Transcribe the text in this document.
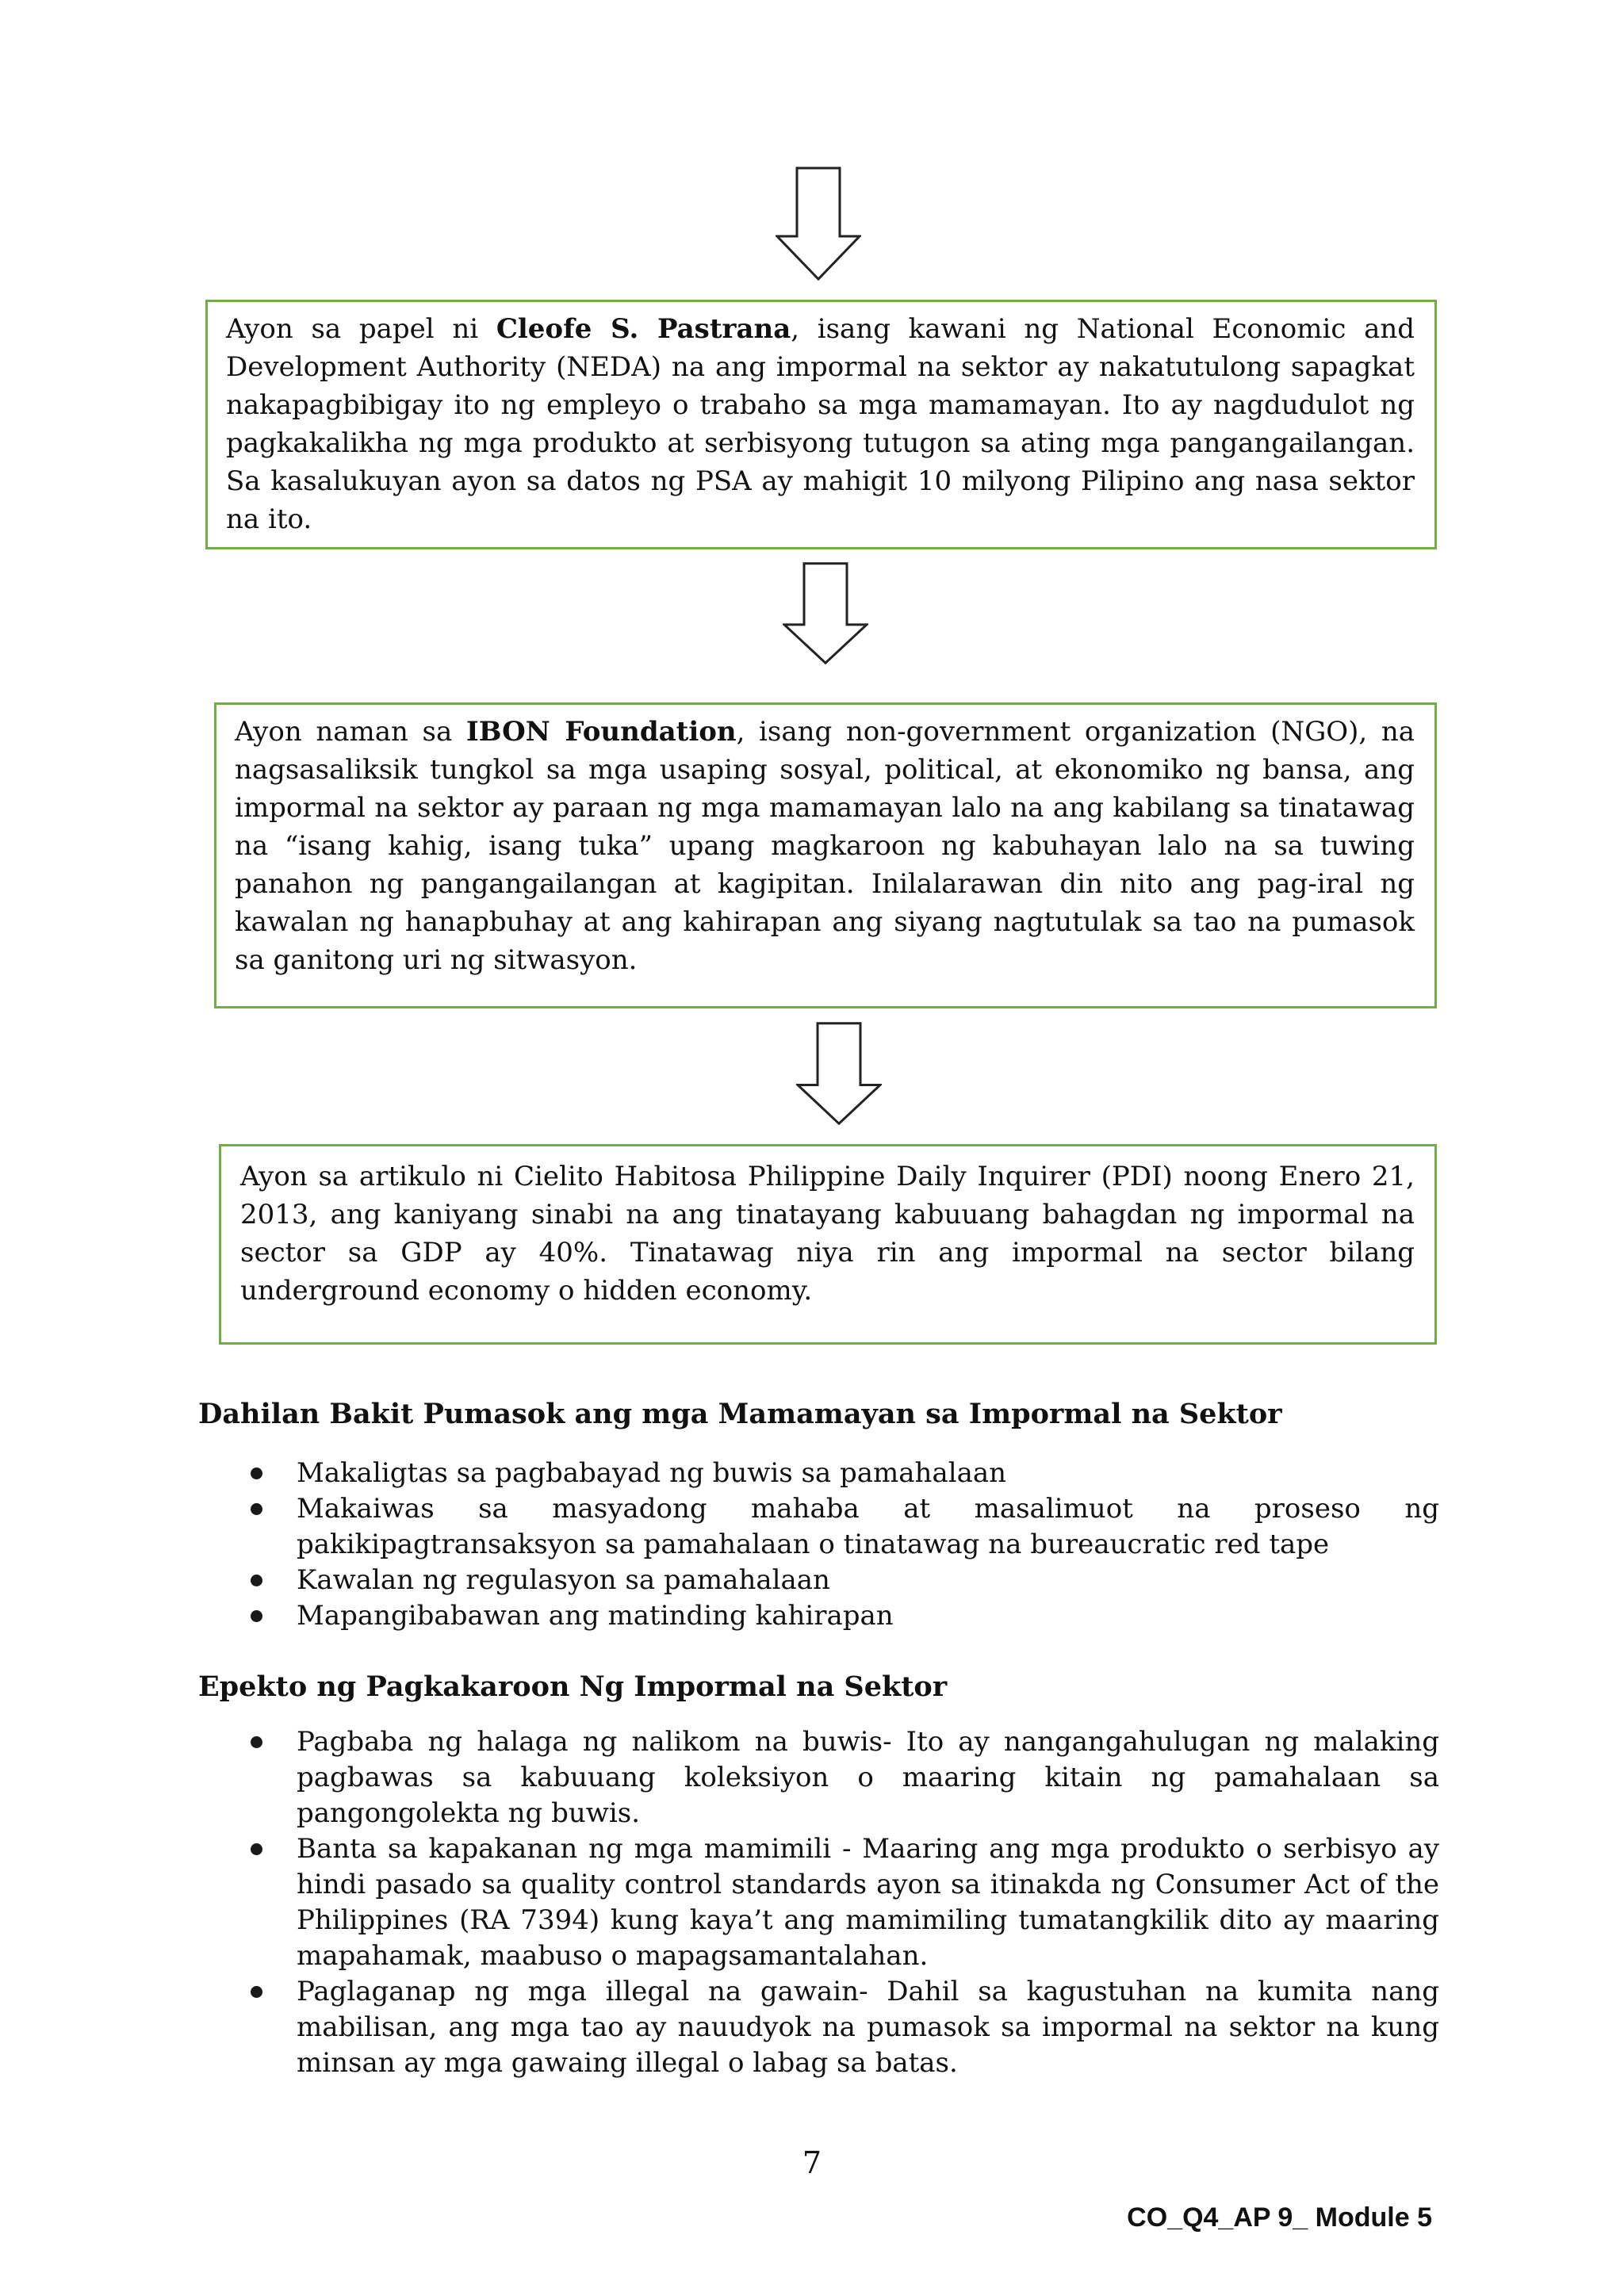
Ayon sa papel ni Cleofe S. Pastrana, isang kawani ng National Economic and Development Authority (NEDA) na ang impormal na sektor ay nakatutulong sapagkat nakapagbibigay ito ng empleyo o trabaho sa mga mamamayan. Ito ay nagdudulot ng pagkakalikha ng mga produkto at serbisyong tutugon sa ating mga pangangailangan. Sa kasalukuyan ayon sa datos ng PSA ay mahigit 10 milyong Pilipino ang nasa sektor na ito.

Ayon naman sa IBON Foundation, isang non-government organization (NGO), na nagsasaliksik tungkol sa mga usaping sosyal, political, at ekonomiko ng bansa, ang impormal na sektor ay paraan ng mga mamamayan lalo na ang kabilang sa tinatawag na “isang kahig, isang tuka” upang magkaroon ng kabuhayan lalo na sa tuwing panahon ng pangangailangan at kagipitan. Inilalarawan din nito ang pag-iral ng kawalan ng hanapbuhay at ang kahirapan ang siyang nagtutulak sa tao na pumasok sa ganitong uri ng sitwasyon.

Ayon sa artikulo ni Cielito Habitosa Philippine Daily Inquirer (PDI) noong Enero 21, 2013, ang kaniyang sinabi na ang tinatayang kabuuang bahagdan ng impormal na sector sa GDP ay 40%. Tinatawag niya rin ang impormal na sector bilang underground economy o hidden economy.

Dahilan Bakit Pumasok ang mga Mamamayan sa Impormal na Sektor
Makaligtas sa pagbabayad ng buwis sa pamahalaan
Makaiwas sa masyadong mahaba at masalimuot na proseso ng pakikipagtransaksyon sa pamahalaan o tinatawag na bureaucratic red tape
Kawalan ng regulasyon sa pamahalaan
Mapangibabawan ang matinding kahirapan
Epekto ng Pagkakaroon Ng Impormal na Sektor
Pagbaba ng halaga ng nalikom na buwis- Ito ay nangangahulugan ng malaking pagbawas sa kabuuang koleksiyon o maaring kitain ng pamahalaan sa pangongolekta ng buwis.
Banta sa kapakanan ng mga mamimili - Maaring ang mga produkto o serbisyo ay hindi pasado sa quality control standards ayon sa itinakda ng Consumer Act of the Philippines (RA 7394) kung kaya’t ang mamimiling tumatangkilik dito ay maaring mapahamak, maabuso o mapagsamantalahan.
Paglaganap ng mga illegal na gawain- Dahil sa kagustuhan na kumita nang mabilisan, ang mga tao ay nauudyok na pumasok sa impormal na sektor na kung minsan ay mga gawaing illegal o labag sa batas.
7
CO_Q4_AP 9_ Module 5
